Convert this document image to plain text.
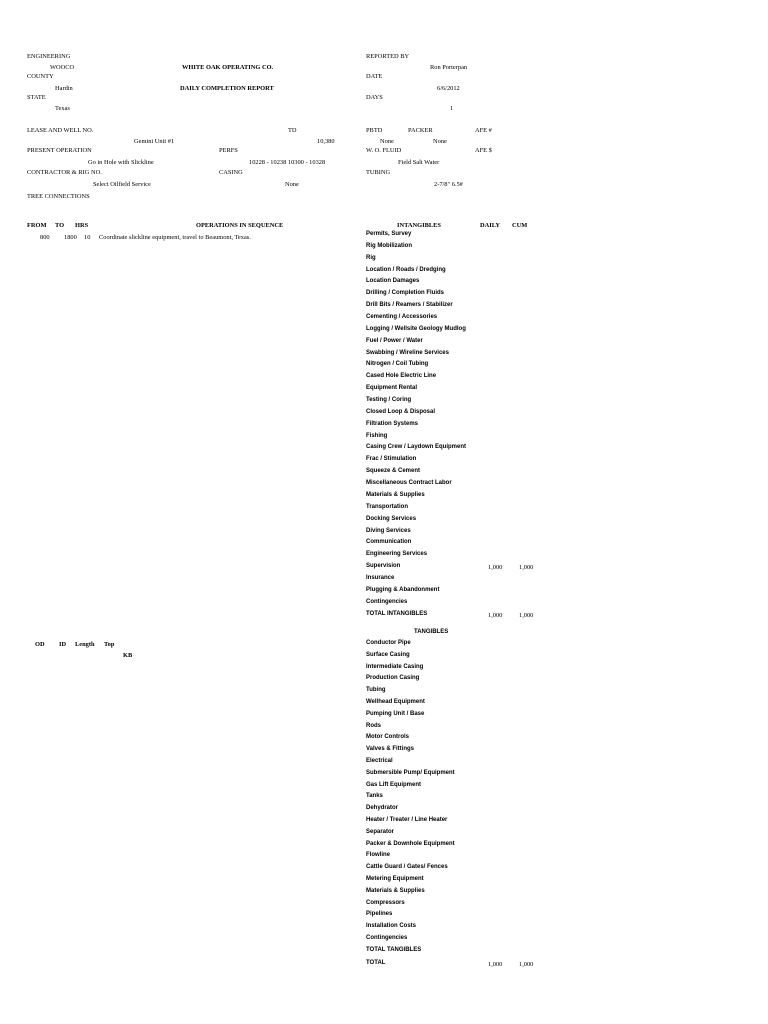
ENGINEERING
WOOCO	WHITE OAK OPERATING CO.
COUNTY
Hardin	DAILY COMPLETION REPORT
STATE
Texas
REPORTED BY
Ron Porterpan
DATE
6/6/2012
DAYS
1
LEASE AND WELL NO.
Gemini Unit #1
TD
10,380
PBTD
None
PACKER
None
AFE #
PRESENT OPERATION
Go in Hole with Slickline
PERFS
10228 - 10238 10300 - 10328
W. O. FLUID
Field Salt Water
AFE $
CONTRACTOR & RIG NO.
Select Oilfield Service
CASING
None
TUBING
2-7/8" 6.5#
TREE CONNECTIONS
FROM TO HRS	OPERATIONS IN SEQUENCE
800 1800 10 Coordinate slickline equipment, travel to Beaumont, Texas.
OD ID Length Top
KB
INTANGIBLES	DAILY CUM
Permits, Survey
Rig Mobilization
Rig
Location / Roads / Dredging
Location Damages
Drilling / Completion Fluids
Drill Bits / Reamers / Stabilizer
Cementing / Accessories
Logging / Wellsite Geology Mudlog
Fuel / Power / Water
Swabbing / Wireline Services
Nitrogen / Coil Tubing
Cased Hole Electric Line
Equipment Rental
Testing / Coring
Closed Loop & Disposal
Filtration Systems
Fishing
Casing Crew / Laydown Equipment
Frac / Stimulation
Squeeze & Cement
Miscellaneous Contract Labor
Materials & Supplies
Transportation
Docking Services
Diving Services
Communication
Engineering Services
Supervision	1,000	1,000
Insurance
Plugging & Abandonment
Contingencies
TOTAL INTANGIBLES	1,000	1,000
TANGIBLES
Conductor Pipe
Surface Casing
Intermediate Casing
Production Casing
Tubing
Wellhead Equipment
Pumping Unit / Base
Rods
Motor Controls
Valves & Fittings
Electrical
Submersible Pump/ Equipment
Gas Lift Equipment
Tanks
Dehydrator
Heater / Treater / Line Heater
Separator
Packer & Downhole Equipment
Flowline
Cattle Guard / Gates/ Fences
Metering Equipment
Materials & Supplies
Compressors
Pipelines
Installation Costs
Contingencies
TOTAL TANGIBLES
TOTAL	1,000	1,000
